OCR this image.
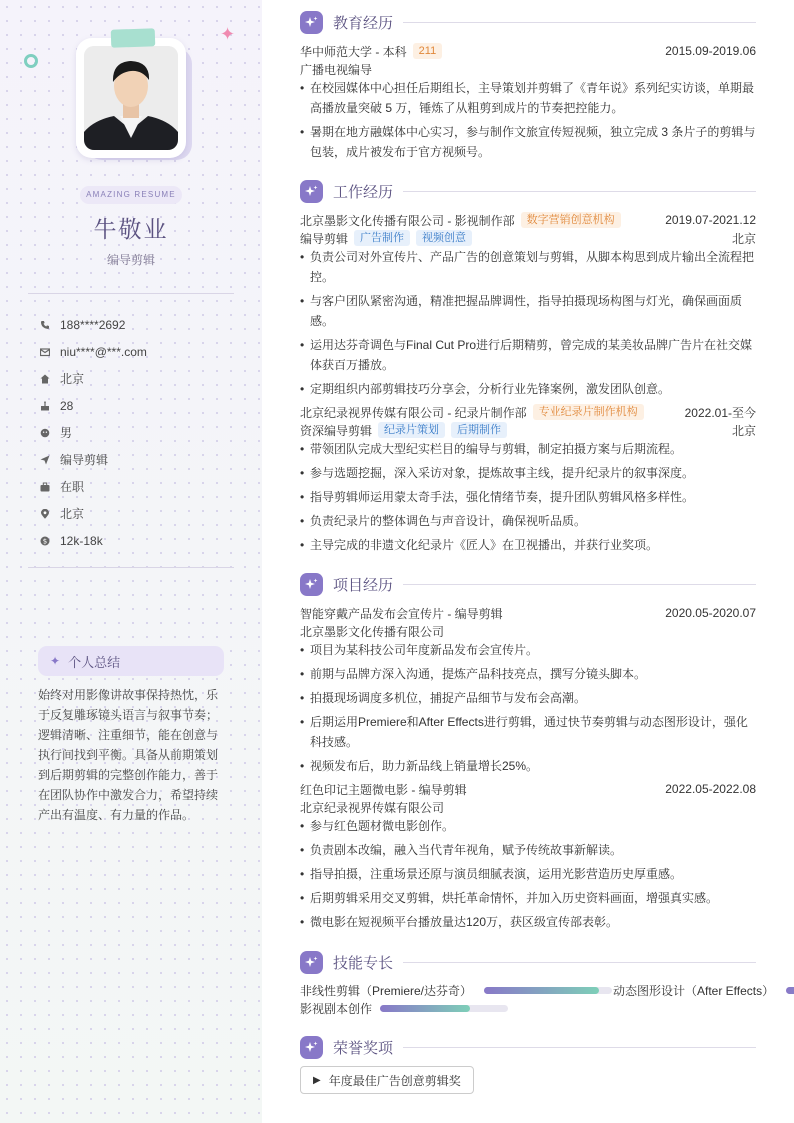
✦
AMAZING RESUME
牛敬业
编导剪辑
188****2692
niu****@***.com
北京
28
男
编导剪辑
在职
北京
$ 12k-18k
✦ 个人总结
始终对用影像讲故事保持热忱，乐于反复雕琢镜头语言与叙事节奏；逻辑清晰、注重细节，能在创意与执行间找到平衡。具备从前期策划到后期剪辑的完整创作能力，善于在团队协作中激发合力，希望持续产出有温度、有力量的作品。
教育经历
华中师范大学 - 本科	211	2015.09-2019.06
广播电视编导
• 在校园媒体中心担任后期组长，主导策划并剪辑了《青年说》系列纪实访谈，单期最高播放量突破 5 万，锤炼了从粗剪到成片的节奏把控能力。
• 暑期在地方融媒体中心实习，参与制作文旅宣传短视频，独立完成 3 条片子的剪辑与包装，成片被发布于官方视频号。
工作经历
北京墨影文化传播有限公司 - 影视制作部	数字营销创意机构	2019.07-2021.12
编导剪辑	广告制作	视频创意	北京
• 负责公司对外宣传片、产品广告的创意策划与剪辑，从脚本构思到成片输出全流程把控。
• 与客户团队紧密沟通，精准把握品牌调性，指导拍摄现场构图与灯光，确保画面质感。
• 运用达芬奇调色与Final Cut Pro进行后期精剪，曾完成的某美妆品牌广告片在社交媒体获百万播放。
• 定期组织内部剪辑技巧分享会，分析行业先锋案例，激发团队创意。
北京纪录视界传媒有限公司 - 纪录片制作部	专业纪录片制作机构	2022.01-至今
资深编导剪辑	纪录片策划	后期制作	北京
• 带领团队完成大型纪实栏目的编导与剪辑，制定拍摄方案与后期流程。
• 参与选题挖掘，深入采访对象，提炼故事主线，提升纪录片的叙事深度。
• 指导剪辑师运用蒙太奇手法，强化情绪节奏，提升团队剪辑风格多样性。
• 负责纪录片的整体调色与声音设计，确保视听品质。
• 主导完成的非遗文化纪录片《匠人》在卫视播出，并获行业奖项。
项目经历
智能穿戴产品发布会宣传片 - 编导剪辑	2020.05-2020.07
北京墨影文化传播有限公司
• 项目为某科技公司年度新品发布会宣传片。
• 前期与品牌方深入沟通，提炼产品科技亮点，撰写分镜头脚本。
• 拍摄现场调度多机位，捕捉产品细节与发布会高潮。
• 后期运用Premiere和After Effects进行剪辑，通过快节奏剪辑与动态图形设计，强化科技感。
• 视频发布后，助力新品线上销量增长25%。
红色印记主题微电影 - 编导剪辑	2022.05-2022.08
北京纪录视界传媒有限公司
• 参与红色题材微电影创作。
• 负责剧本改编，融入当代青年视角，赋予传统故事新解读。
• 指导拍摄，注重场景还原与演员细腻表演，运用光影营造历史厚重感。
• 后期剪辑采用交叉剪辑，烘托革命情怀，并加入历史资料画面，增强真实感。
• 微电影在短视频平台播放量达120万，获区级宣传部表彰。
技能专长
非线性剪辑（Premiere/达芬奇）	动态图形设计（After Effects）
影视剧本创作
荣誉奖项
▶ 年度最佳广告创意剪辑奖
